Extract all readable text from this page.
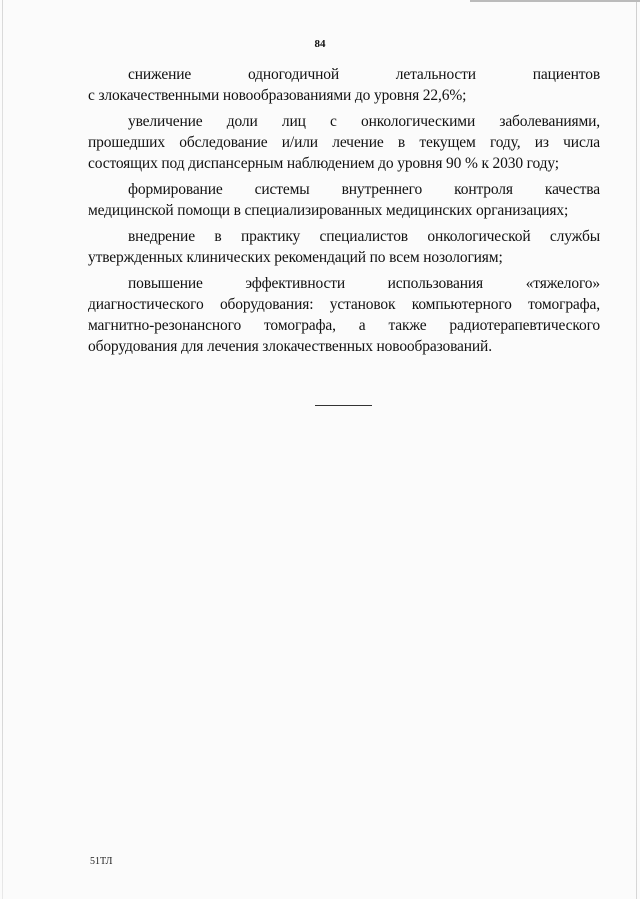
84
снижение одногодичной летальности пациентов
с злокачественными новообразованиями до уровня 22,6%;
увеличение доли лиц с онкологическими заболеваниями,
прошедших обследование и/или лечение в текущем году, из числа
состоящих под диспансерным наблюдением до уровня 90 % к 2030 году;
формирование системы внутреннего контроля качества
медицинской помощи в специализированных медицинских организациях;
внедрение в практику специалистов онкологической службы
утвержденных клинических рекомендаций по всем нозологиям;
повышение эффективности использования «тяжелого»
диагностического оборудования: установок компьютерного томографа,
магнитно-резонансного томографа, а также радиотерапевтического
оборудования для лечения злокачественных новообразований.
51ТЛ
